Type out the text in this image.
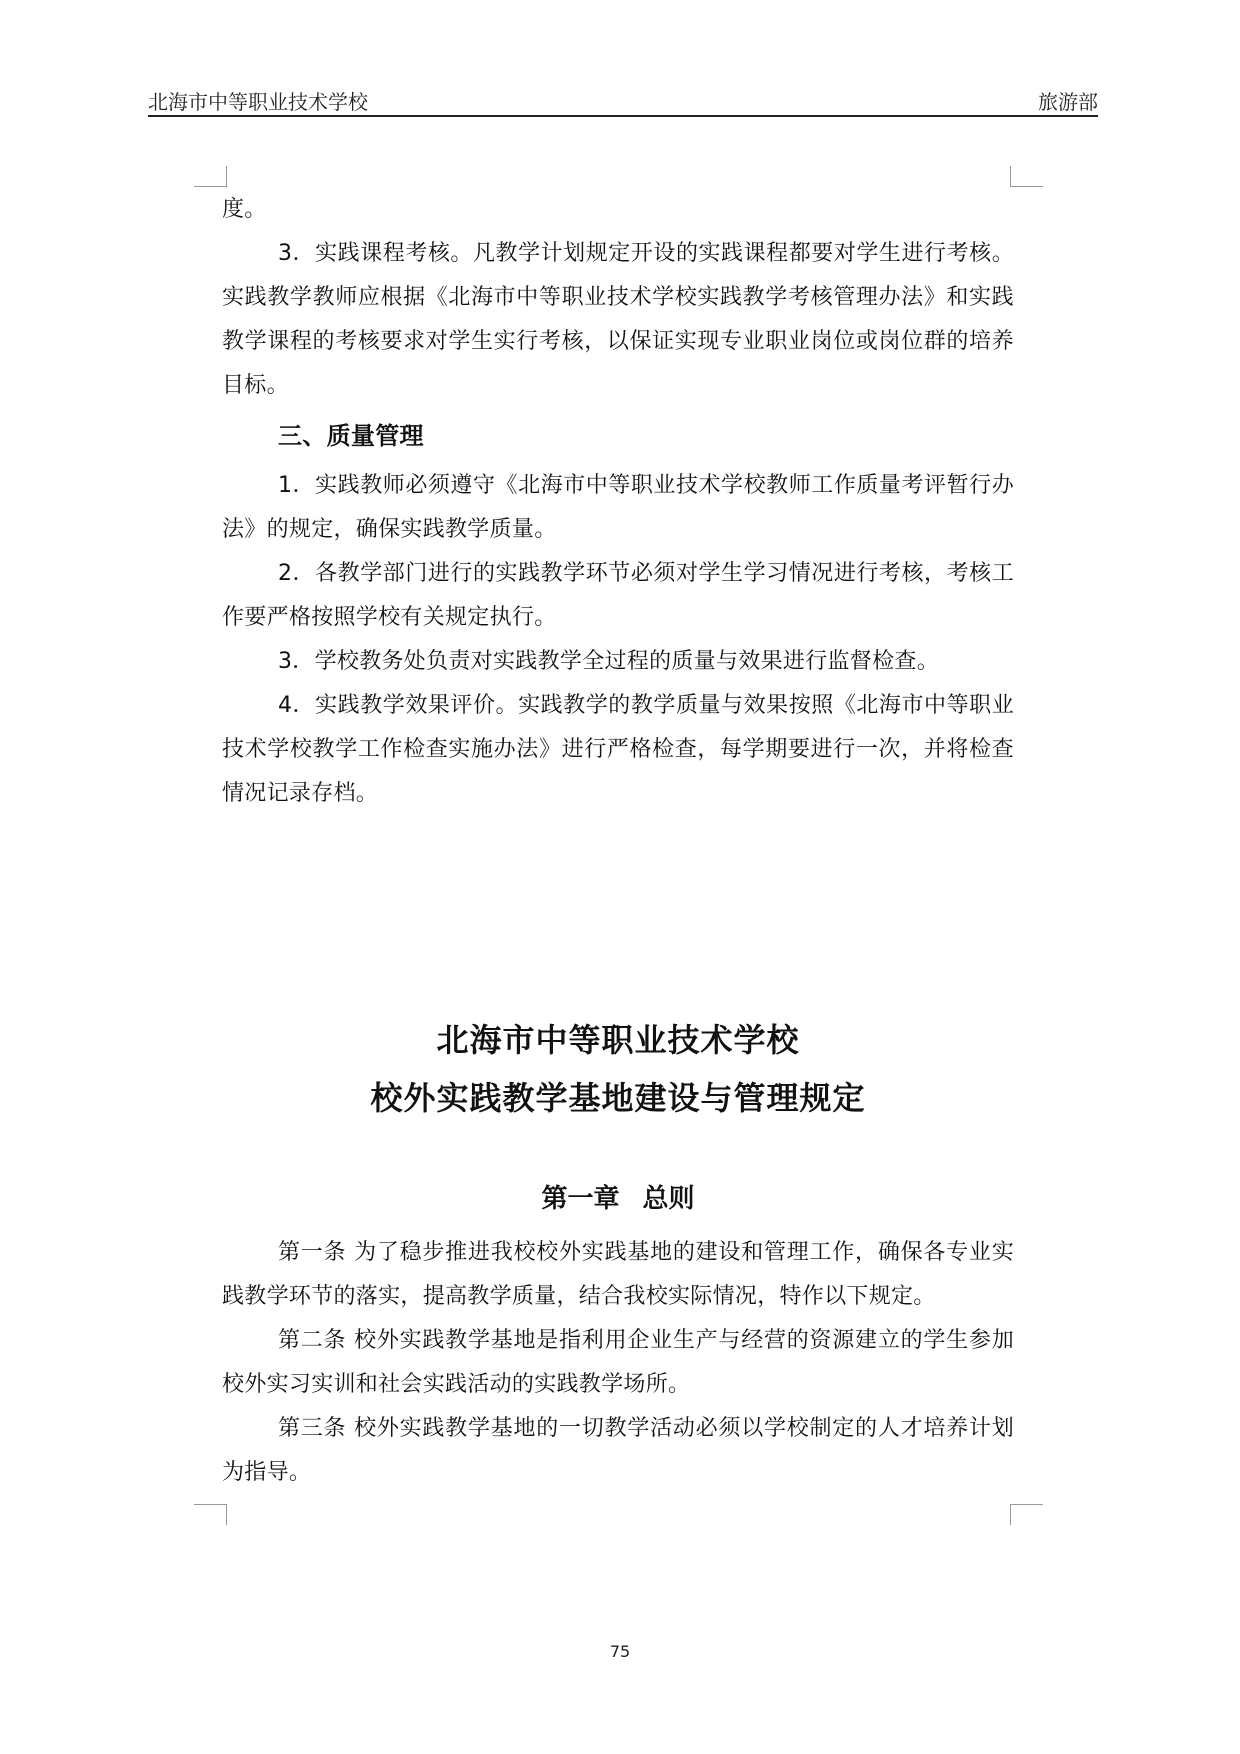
北海市中等职业技术学校	旅游部

度。

3．实践课程考核。凡教学计划规定开设的实践课程都要对学生进行考核。实践教学教师应根据《北海市中等职业技术学校实践教学考核管理办法》和实践教学课程的考核要求对学生实行考核，以保证实现专业职业岗位或岗位群的培养目标。

三、质量管理

1．实践教师必须遵守《北海市中等职业技术学校教师工作质量考评暂行办法》的规定，确保实践教学质量。

2．各教学部门进行的实践教学环节必须对学生学习情况进行考核，考核工作要严格按照学校有关规定执行。

3．学校教务处负责对实践教学全过程的质量与效果进行监督检查。

4．实践教学效果评价。实践教学的教学质量与效果按照《北海市中等职业技术学校教学工作检查实施办法》进行严格检查，每学期要进行一次，并将检查情况记录存档。

北海市中等职业技术学校
校外实践教学基地建设与管理规定
第一章 总则

第一条 为了稳步推进我校校外实践基地的建设和管理工作，确保各专业实践教学环节的落实，提高教学质量，结合我校实际情况，特作以下规定。

第二条 校外实践教学基地是指利用企业生产与经营的资源建立的学生参加校外实习实训和社会实践活动的实践教学场所。

第三条 校外实践教学基地的一切教学活动必须以学校制定的人才培养计划为指导。

75
